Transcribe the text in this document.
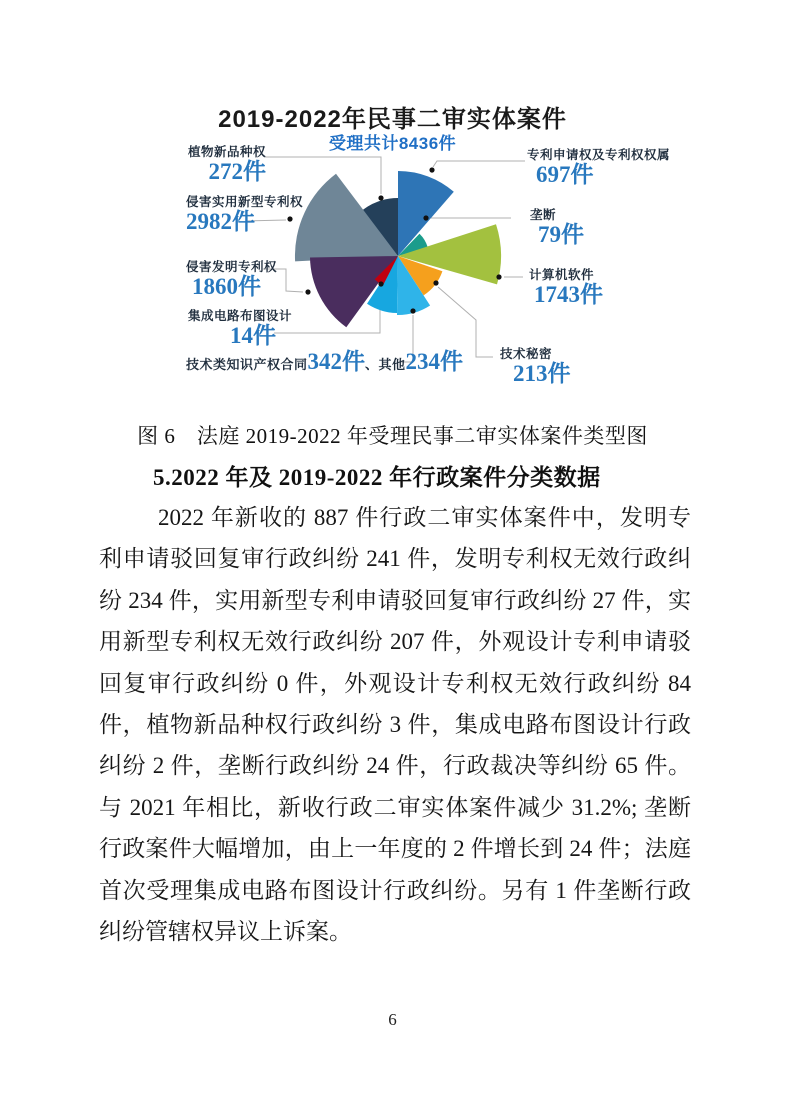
2019-2022年民事二审实体案件
受理共计8436件
植物新品种权
272件
侵害实用新型专利权
2982件
侵害发明专利权
1860件
集成电路布图设计
14件
专利申请权及专利权权属
697件
垄断
79件
计算机软件
1743件
技术秘密
213件
技术类知识产权合同 342件 、其他 234件
图 6　法庭 2019-2022 年受理民事二审实体案件类型图
5.2022 年及 2019-2022 年行政案件分类数据

2022 年新收的 887 件行政二审实体案件中，发明专利申请驳回复审行政纠纷 241 件，发明专利权无效行政纠纷 234 件，实用新型专利申请驳回复审行政纠纷 27 件，实用新型专利权无效行政纠纷 207 件，外观设计专利申请驳回复审行政纠纷 0 件，外观设计专利权无效行政纠纷 84 件，植物新品种权行政纠纷 3 件，集成电路布图设计行政纠纷 2 件，垄断行政纠纷 24 件，行政裁决等纠纷 65 件。与 2021 年相比，新收行政二审实体案件减少 31.2%; 垄断行政案件大幅增加，由上一年度的 2 件增长到 24 件；法庭首次受理集成电路布图设计行政纠纷。另有 1 件垄断行政纠纷管辖权异议上诉案。

6
